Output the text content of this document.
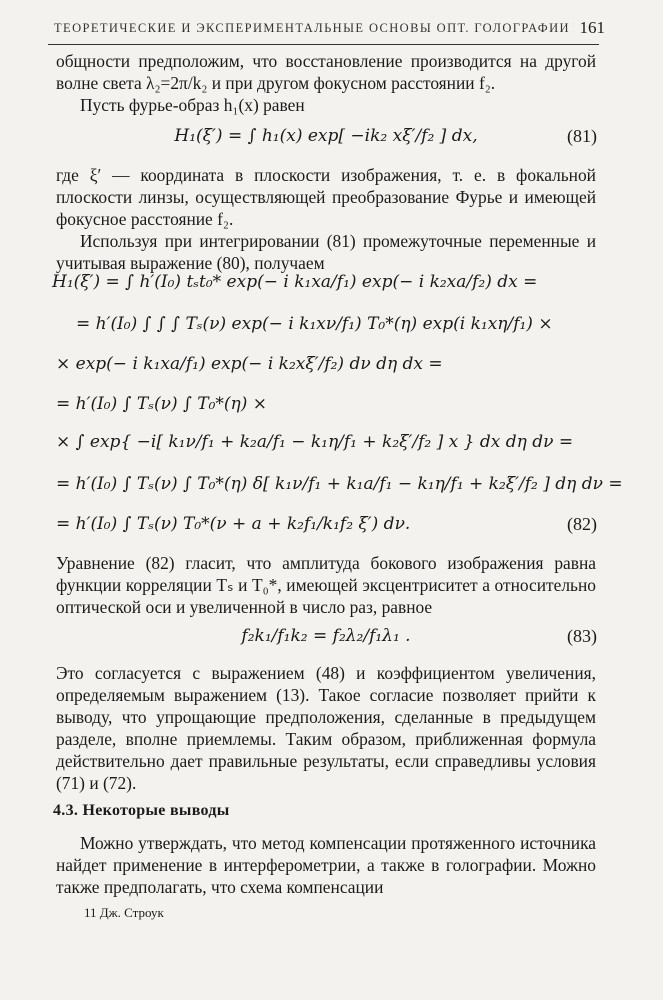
ТЕОРЕТИЧЕСКИЕ И ЭКСПЕРИМЕНТАЛЬНЫЕ ОСНОВЫ ОПТ. ГОЛОГРАФИИ 161

общности предположим, что восстановление производится на другой волне света λ₂=2π/k₂ и при другом фокусном расстоянии f₂.

Пусть фурье-образ h₁(x) равен

H₁(ξ′) = ∫ h₁(x) exp[ −ik₂ xξ′/f₂ ] dx,	(81)

где ξ′ — координата в плоскости изображения, т. е. в фокальной плоскости линзы, осуществляющей преобразование Фурье и имеющей фокусное расстояние f₂.

Используя при интегрировании (81) промежуточные переменные и учитывая выражение (80), получаем

H₁(ξ′) = ∫ h′(I₀) tₛt₀* exp(− i k₁xa/f₁) exp(− i k₂xa/f₂) dx =
= h′(I₀) ∫ ∫ ∫ Tₛ(ν) exp(− i k₁xν/f₁) T₀*(η) exp(i k₁xη/f₁) ×
× exp(− i k₁xa/f₁) exp(− i k₂xξ′/f₂) dν dη dx =
= h′(I₀) ∫ Tₛ(ν) ∫ T₀*(η) ×
× ∫ exp{ −i[ k₁ν/f₁ + k₂a/f₁ − k₁η/f₁ + k₂ξ′/f₂ ] x } dx dη dν =
= h′(I₀) ∫ Tₛ(ν) ∫ T₀*(η) δ[ k₁ν/f₁ + k₁a/f₁ − k₁η/f₁ + k₂ξ′/f₂ ] dη dν =
= h′(I₀) ∫ Tₛ(ν) T₀*(ν + a + k₂f₁/k₁f₂ ξ′) dν.	(82)

Уравнение (82) гласит, что амплитуда бокового изображения равна функции корреляции Tₛ и T₀*, имеющей эксцентриситет a относительно оптической оси и увеличенной в число раз, равное

f₂k₁/f₁k₂ = f₂λ₂/f₁λ₁ .	(83)

Это согласуется с выражением (48) и коэффициентом увеличения, определяемым выражением (13). Такое согласие позволяет прийти к выводу, что упрощающие предположения, сделанные в предыдущем разделе, вполне приемлемы. Таким образом, приближенная формула действительно дает правильные результаты, если справедливы условия (71) и (72).

4.3. Некоторые выводы

Можно утверждать, что метод компенсации протяженного источника найдет применение в интерферометрии, а также в голографии. Можно также предполагать, что схема компенсации

11 Дж. Строук
